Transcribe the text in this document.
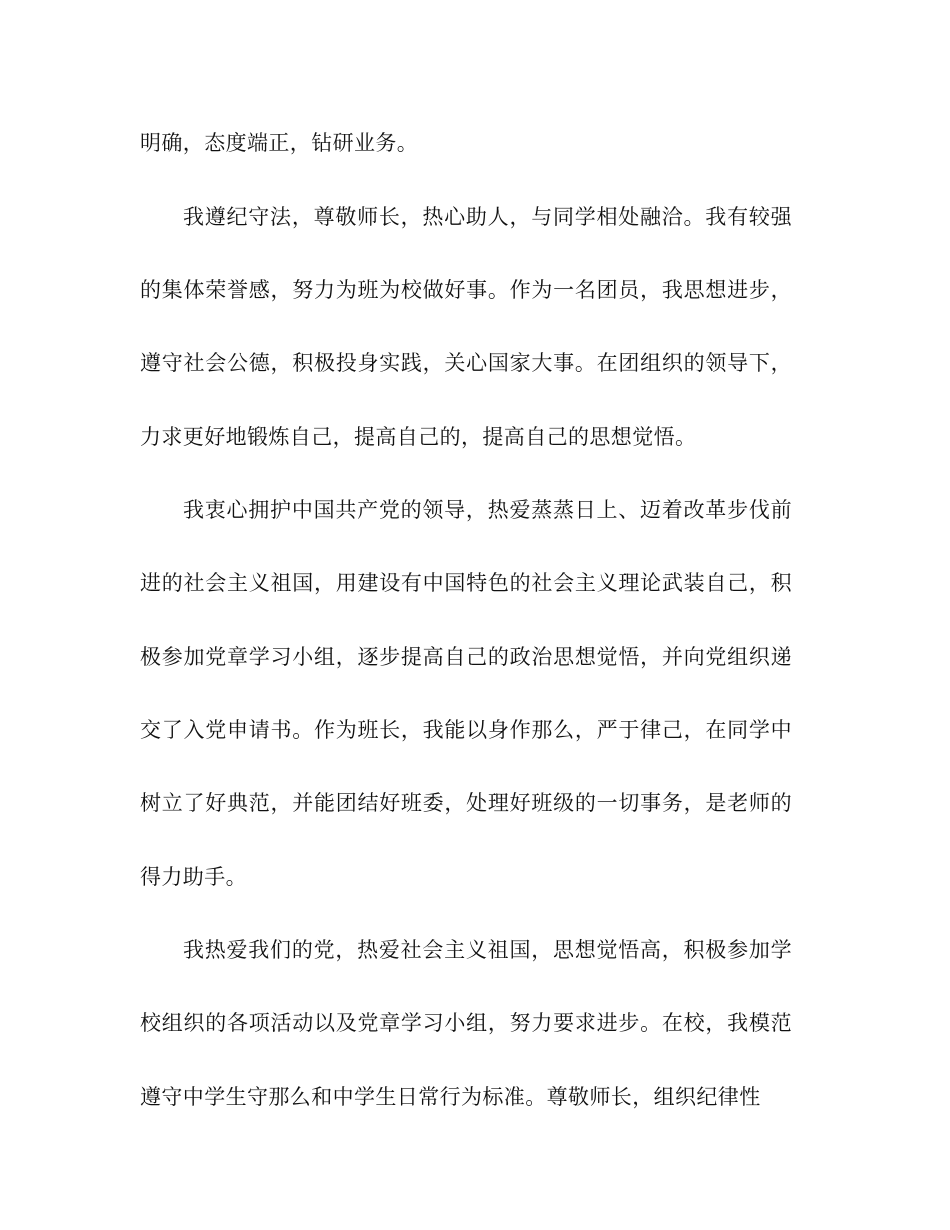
明确，态度端正，钻研业务。
我遵纪守法，尊敬师长，热心助人，与同学相处融洽。我有较强
的集体荣誉感，努力为班为校做好事。作为一名团员，我思想进步，
遵守社会公德，积极投身实践，关心国家大事。在团组织的领导下，
力求更好地锻炼自己，提高自己的，提高自己的思想觉悟。
我衷心拥护中国共产党的领导，热爱蒸蒸日上、迈着改革步伐前
进的社会主义祖国，用建设有中国特色的社会主义理论武装自己，积
极参加党章学习小组，逐步提高自己的政治思想觉悟，并向党组织递
交了入党申请书。作为班长，我能以身作那么，严于律己，在同学中
树立了好典范，并能团结好班委，处理好班级的一切事务，是老师的
得力助手。
我热爱我们的党，热爱社会主义祖国，思想觉悟高，积极参加学
校组织的各项活动以及党章学习小组，努力要求进步。在校，我模范
遵守中学生守那么和中学生日常行为标准。尊敬师长，组织纪律性
